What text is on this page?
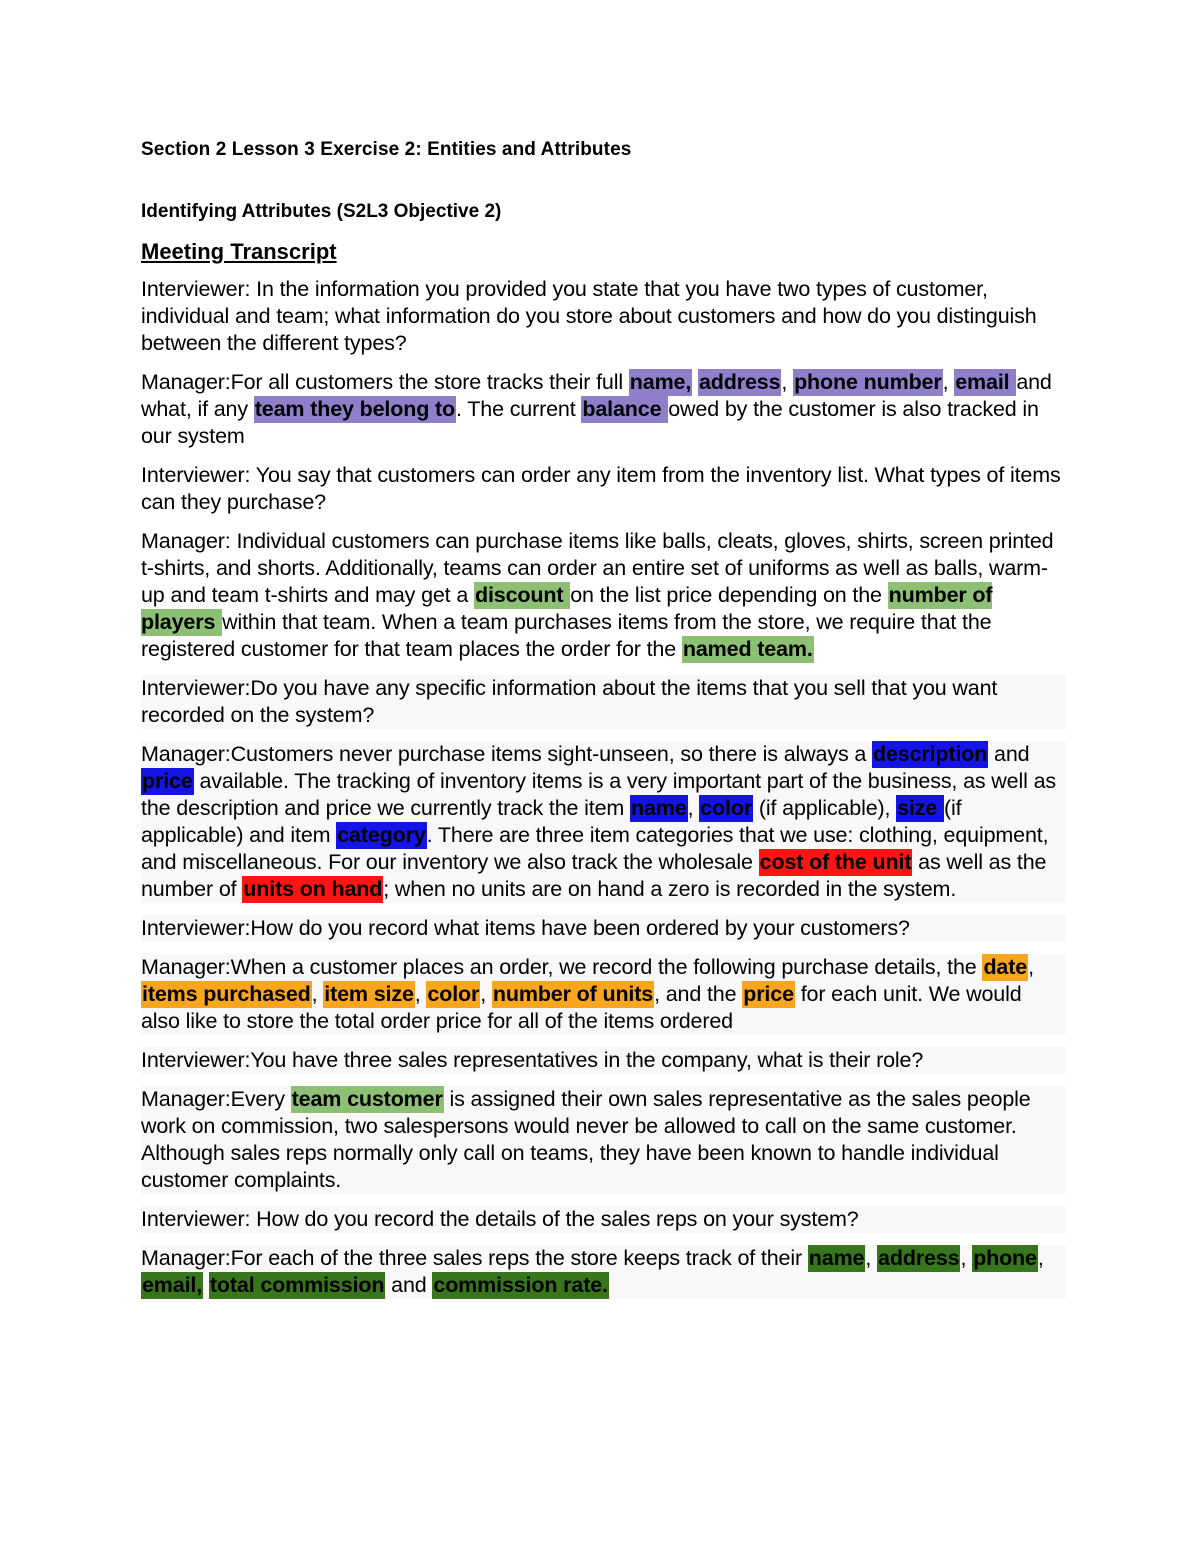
Section 2 Lesson 3 Exercise 2: Entities and Attributes
Identifying Attributes (S2L3 Objective 2)
Meeting Transcript

Interviewer: In the information you provided you state that you have two types of customer, individual and team; what information do you store about customers and how do you distinguish between the different types?

Manager:For all customers the store tracks their full name, address, phone number, email and what, if any team they belong to. The current balance owed by the customer is also tracked in our system

Interviewer: You say that customers can order any item from the inventory list. What types of items can they purchase?

Manager: Individual customers can purchase items like balls, cleats, gloves, shirts, screen printed t-shirts, and shorts. Additionally, teams can order an entire set of uniforms as well as balls, warm-up and team t-shirts and may get a discount on the list price depending on the number of players within that team. When a team purchases items from the store, we require that the registered customer for that team places the order for the named team.

Interviewer:Do you have any specific information about the items that you sell that you want recorded on the system?

Manager:Customers never purchase items sight-unseen, so there is always a description and price available. The tracking of inventory items is a very important part of the business, as well as the description and price we currently track the item name, color (if applicable), size (if applicable) and item category. There are three item categories that we use: clothing, equipment, and miscellaneous. For our inventory we also track the wholesale cost of the unit as well as the number of units on hand; when no units are on hand a zero is recorded in the system.

Interviewer:How do you record what items have been ordered by your customers?

Manager:When a customer places an order, we record the following purchase details, the date, items purchased, item size, color, number of units, and the price for each unit. We would also like to store the total order price for all of the items ordered

Interviewer:You have three sales representatives in the company, what is their role?

Manager:Every team customer is assigned their own sales representative as the sales people work on commission, two salespersons would never be allowed to call on the same customer. Although sales reps normally only call on teams, they have been known to handle individual customer complaints.

Interviewer: How do you record the details of the sales reps on your system?

Manager:For each of the three sales reps the store keeps track of their name, address, phone, email, total commission and commission rate.
